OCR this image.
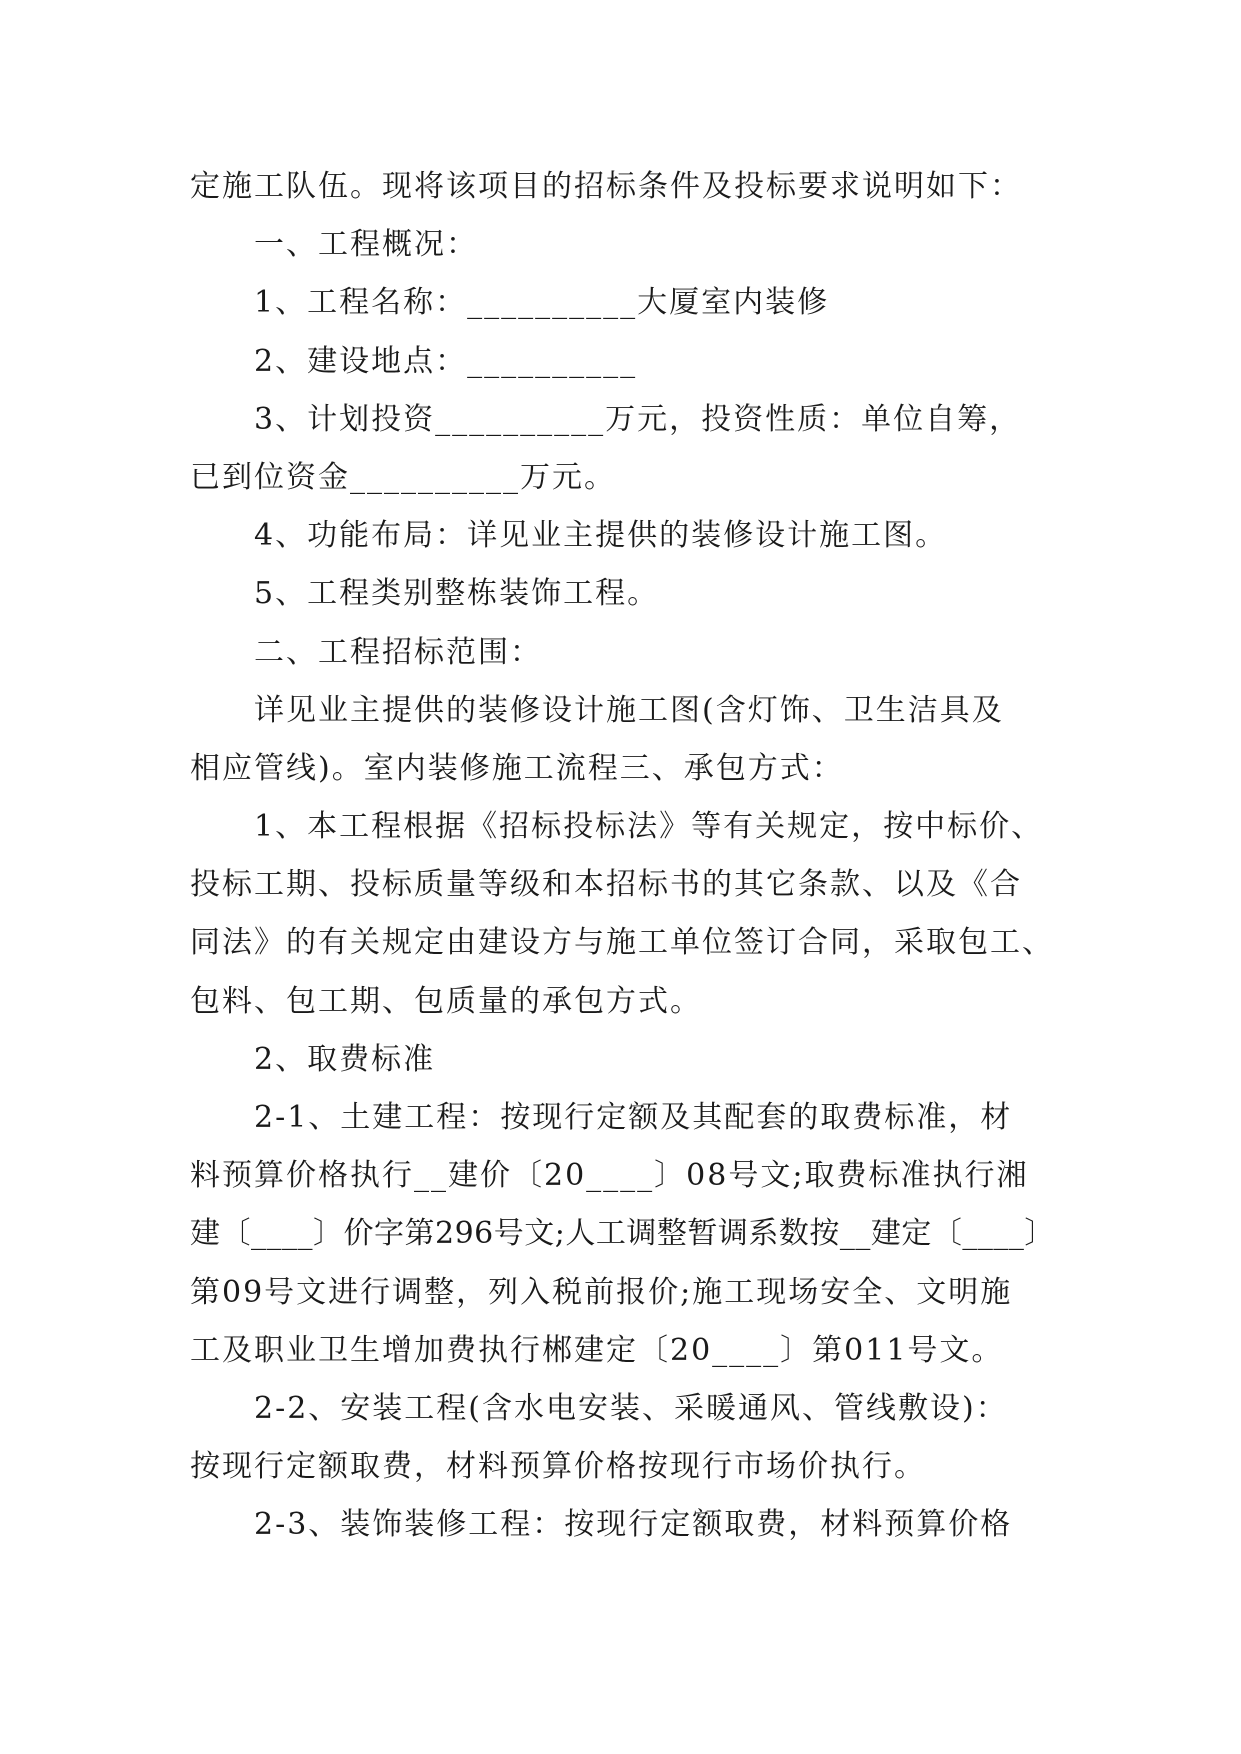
定施工队伍。现将该项目的招标条件及投标要求说明如下：
一、工程概况：
1、工程名称：__________大厦室内装修
2、建设地点：__________
3、计划投资__________万元，投资性质：单位自筹，
已到位资金__________万元。
4、功能布局：详见业主提供的装修设计施工图。
5、工程类别整栋装饰工程。
二、工程招标范围：
详见业主提供的装修设计施工图(含灯饰、卫生洁具及
相应管线)。室内装修施工流程三、承包方式：
1、本工程根据《招标投标法》等有关规定，按中标价、
投标工期、投标质量等级和本招标书的其它条款、以及《合
同法》的有关规定由建设方与施工单位签订合同，采取包工、
包料、包工期、包质量的承包方式。
2、取费标准
2-1、土建工程：按现行定额及其配套的取费标准，材
料预算价格执行__建价〔20____〕08号文;取费标准执行湘
建〔____〕价字第296号文;人工调整暂调系数按__建定〔____〕
第09号文进行调整，列入税前报价;施工现场安全、文明施
工及职业卫生增加费执行郴建定〔20____〕第011号文。
2-2、安装工程(含水电安装、采暖通风、管线敷设)：
按现行定额取费，材料预算价格按现行市场价执行。
2-3、装饰装修工程：按现行定额取费，材料预算价格
